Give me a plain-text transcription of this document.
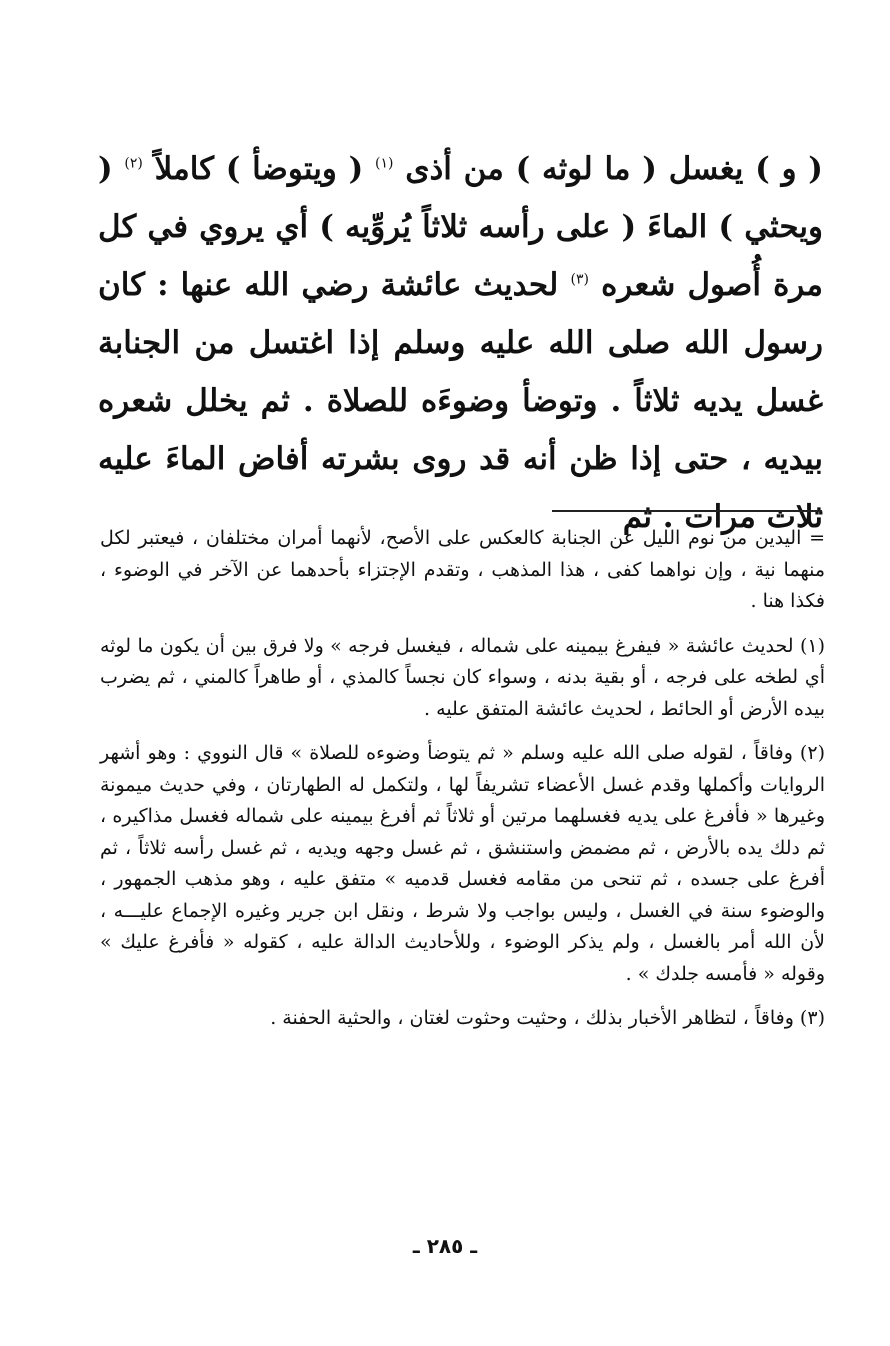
( و ) يغسل ( ما لوثه ) من أذى $^{(١)}$ ( ويتوضأ ) كاملاً $^{(٢)}$ ( ويحثي ) الماءَ ( على رأسه ثلاثاً يُروِّيه ) أي يروي في كل مرة أُصول شعره $^{(٣)}$ لحديث عائشة رضي الله عنها : كان رسول الله صلى الله عليه وسلم إذا اغتسل من الجنابة غسل يديه ثلاثاً . وتوضأ وضوءَه للصلاة . ثم يخلل شعره بيديه ، حتى إذا ظن أنه قد روى بشرته أفاض الماءَ عليه ثلاث مرات . ثم

= اليدين من نوم الليل عن الجنابة كالعكس على الأصح، لأنهما أمران مختلفان ، فيعتبر لكل منهما نية ، وإن نواهما كفى ، هذا المذهب ، وتقدم الإجتزاء بأحدهما عن الآخر في الوضوء ، فكذا هنا .

(١) لحديث عائشة « فيفرغ بيمينه على شماله ، فيغسل فرجه » ولا فرق بين أن يكون ما لوثه أي لطخه على فرجه ، أو بقية بدنه ، وسواء كان نجساً كالمذي ، أو طاهراً كالمني ، ثم يضرب بيده الأرض أو الحائط ، لحديث عائشة المتفق عليه .

(٢) وفاقاً ، لقوله صلى الله عليه وسلم « ثم يتوضأ وضوءه للصلاة » قال النووي : وهو أشهر الروايات وأكملها وقدم غسل الأعضاء تشريفاً لها ، ولتكمل له الطهارتان ، وفي حديث ميمونة وغيرها « فأفرغ على يديه فغسلهما مرتين أو ثلاثاً ثم أفرغ بيمينه على شماله فغسل مذاكيره ، ثم دلك يده بالأرض ، ثم مضمض واستنشق ، ثم غسل وجهه ويديه ، ثم غسل رأسه ثلاثاً ، ثم أفرغ على جسده ، ثم تنحى من مقامه فغسل قدميه » متفق عليه ، وهو مذهب الجمهور ، والوضوء سنة في الغسل ، وليس بواجب ولا شرط ، ونقل ابن جرير وغيره الإجماع عليـــه ، لأن الله أمر بالغسل ، ولم يذكر الوضوء ، وللأحاديث الدالة عليه ، كقوله « فأفرغ عليك » وقوله « فأمسه جلدك » .

(٣) وفاقاً ، لتظاهر الأخبار بذلك ، وحثيت وحثوت لغتان ، والحثية الحفنة .

ـ ٢٨٥ ـ
